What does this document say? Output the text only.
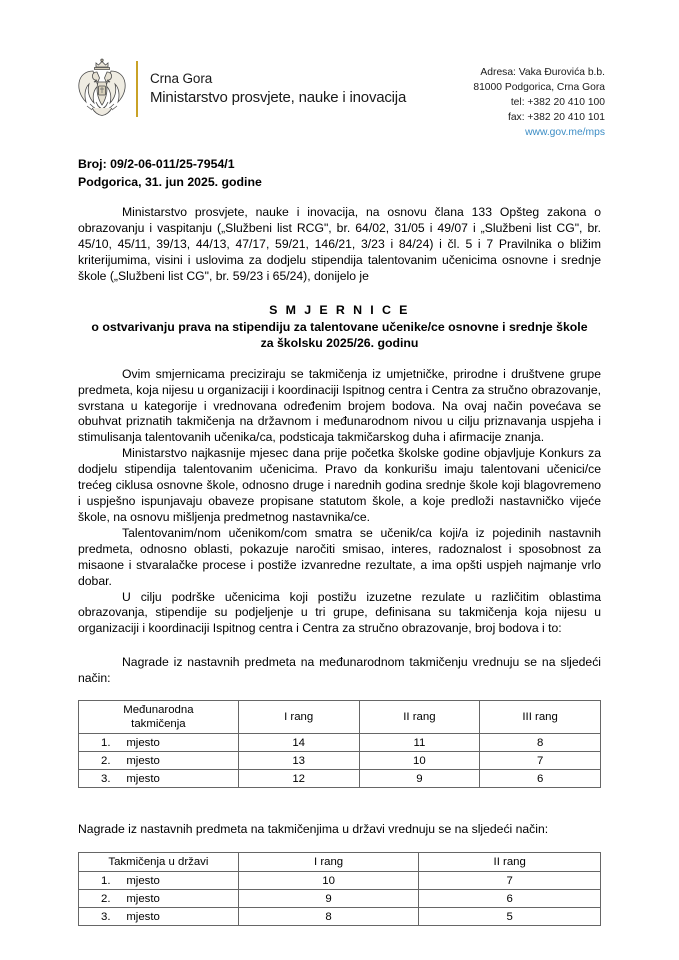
Crna Gora
Ministarstvo prosvjete, nauke i inovacija
Adresa: Vaka Đurovića b.b.
81000 Podgorica, Crna Gora
tel: +382 20 410 100
fax: +382 20 410 101
www.gov.me/mps
Broj: 09/2-06-011/25-7954/1
Podgorica, 31. jun 2025. godine

Ministarstvo prosvjete, nauke i inovacija, na osnovu člana 133 Opšteg zakona o obrazovanju i vaspitanju („Službeni list RCG", br. 64/02, 31/05 i 49/07 i „Službeni list CG", br. 45/10, 45/11, 39/13, 44/13, 47/17, 59/21, 146/21, 3/23 i 84/24) i čl. 5 i 7 Pravilnika o bližim kriterijumima, visini i uslovima za dodjelu stipendija talentovanim učenicima osnovne i srednje škole („Službeni list CG", br. 59/23 i 65/24), donijelo je

S M J E R N I C E
o ostvarivanju prava na stipendiju za talentovane učenike/ce osnovne i srednje škole
za školsku 2025/26. godinu

Ovim smjernicama preciziraju se takmičenja iz umjetničke, prirodne i društvene grupe predmeta, koja nijesu u organizaciji i koordinaciji Ispitnog centra i Centra za stručno obrazovanje, svrstana u kategorije i vrednovana određenim brojem bodova. Na ovaj način povećava se obuhvat priznatih takmičenja na državnom i međunarodnom nivou u cilju priznavanja uspjeha i stimulisanja talentovanih učenika/ca, podsticaja takmičarskog duha i afirmacije znanja.

Ministarstvo najkasnije mjesec dana prije početka školske godine objavljuje Konkurs za dodjelu stipendija talentovanim učenicima. Pravo da konkurišu imaju talentovani učenici/ce trećeg ciklusa osnovne škole, odnosno druge i narednih godina srednje škole koji blagovremeno i uspješno ispunjavaju obaveze propisane statutom škole, a koje predloži nastavničko vijeće škole, na osnovu mišljenja predmetnog nastavnika/ce.

Talentovanim/nom učenikom/com smatra se učenik/ca koji/a iz pojedinih nastavnih predmeta, odnosno oblasti, pokazuje naročiti smisao, interes, radoznalost i sposobnost za misaone i stvaralačke procese i postiže izvanredne rezultate, a ima opšti uspjeh najmanje vrlo dobar.

U cilju podrške učenicima koji postižu izuzetne rezulate u različitim oblastima obrazovanja, stipendije su podjeljenje u tri grupe, definisana su takmičenja koja nijesu u organizaciji i koordinaciji Ispitnog centra i Centra za stručno obrazovanje, broj bodova i to:

Nagrade iz nastavnih predmeta na međunarodnom takmičenju vrednuju se na sljedeći način:

Međunarodna
takmičenja	I rang	II rang	III rang
1.     mjesto	14	11	8
2.     mjesto	13	10	7
3.     mjesto	12	9	6

Nagrade iz nastavnih predmeta na takmičenjima u državi vrednuju se na sljedeći način:

Takmičenja u državi	I rang	II rang
1.     mjesto	10	7
2.     mjesto	9	6
3.     mjesto	8	5
